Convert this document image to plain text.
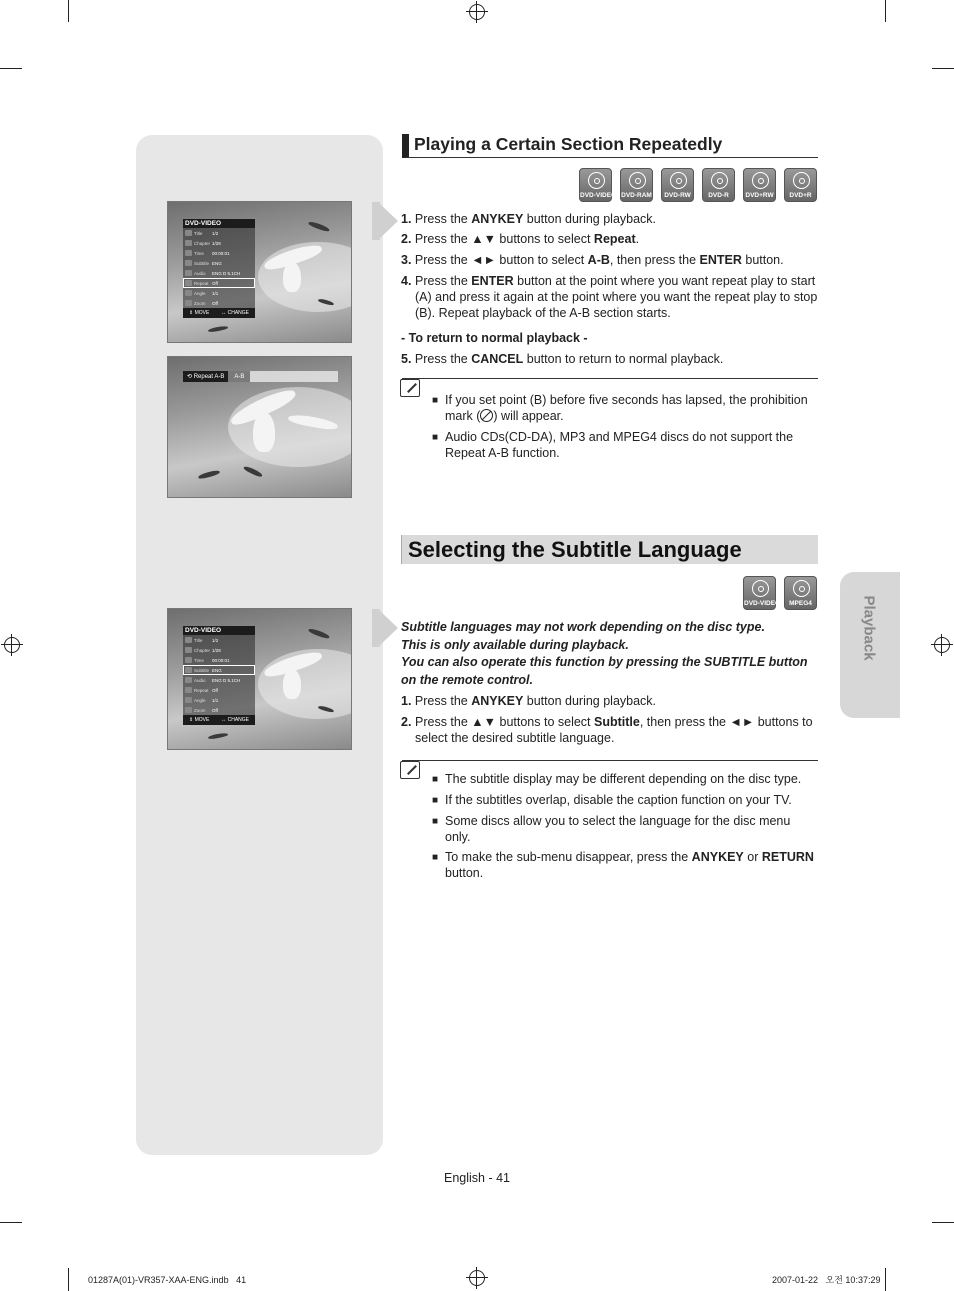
DVD-VIDEO
Title	1/2
Chapter 1/28
Time	00:00:01
Subtitle ENG
Audio	ENG D 5.1CH
Repeat Off
Angle	1/1
Zoom	Off
⇕ MOVE ↔ CHANGE
⟲ Repeat A-B	A-B
DVD-VIDEO
Title	1/2
Chapter 1/28
Time	00:00:01
Subtitle ENG
Audio	ENG D 5.1CH
Repeat Off
Angle	1/1
Zoom	Off
⇕ MOVE ↔ CHANGE
Playing a Certain Section Repeatedly
DVD-VIDEO DVD-RAM	DVD-RW	DVD-R	DVD+RW	DVD+R
1. Press the ANYKEY button during playback.
2. Press the ▲▼ buttons to select Repeat.
3. Press the ◄► button to select A-B, then press the ENTER button.
4. Press the ENTER button at the point where you want repeat play to start (A) and press it again at the point where you want the repeat play to stop (B). Repeat playback of the A-B section starts.
- To return to normal playback -
5. Press the CANCEL button to return to normal playback.
■ If you set point (B) before five seconds has lapsed, the prohibition mark ( ) will appear.
■ Audio CDs(CD-DA), MP3 and MPEG4 discs do not support the Repeat A-B function.
Selecting the Subtitle Language
DVD-VIDEO	MPEG4
Subtitle languages may not work depending on the disc type.
This is only available during playback.
You can also operate this function by pressing the SUBTITLE button on the remote control.
1. Press the ANYKEY button during playback.
2. Press the ▲▼ buttons to select Subtitle, then press the ◄► buttons to select the desired subtitle language.
■ The subtitle display may be different depending on the disc type.
■ If the subtitles overlap, disable the caption function on your TV.
■ Some discs allow you to select the language for the disc menu only.
■ To make the sub-menu disappear, press the ANYKEY or RETURN button.
Playback
English - 41
01287A(01)-VR357-XAA-ENG.indb   41	2007-01-22   오전 10:37:29
